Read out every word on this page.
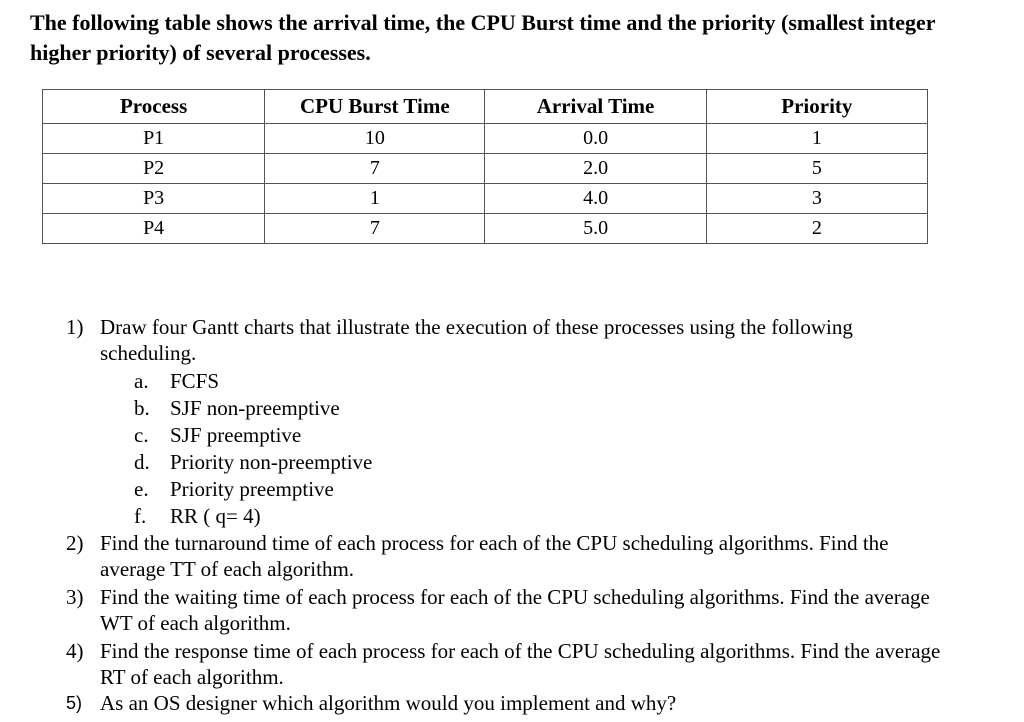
The following table shows the arrival time, the CPU Burst time and the priority (smallest integer higher priority) of several processes.
Process	CPU Burst Time	Arrival Time	Priority
P1	10	0.0	1
P2	7	2.0	5
P3	1	4.0	3
P4	7	5.0	2
1) Draw four Gantt charts that illustrate the execution of these processes using the following scheduling.
a. FCFS
b. SJF non-preemptive
c. SJF preemptive
d. Priority non-preemptive
e. Priority preemptive
f. RR ( q= 4)
2) Find the turnaround time of each process for each of the CPU scheduling algorithms. Find the average TT of each algorithm.
3) Find the waiting time of each process for each of the CPU scheduling algorithms. Find the average WT of each algorithm.
4) Find the response time of each process for each of the CPU scheduling algorithms. Find the average RT of each algorithm.
5) As an OS designer which algorithm would you implement and why?
